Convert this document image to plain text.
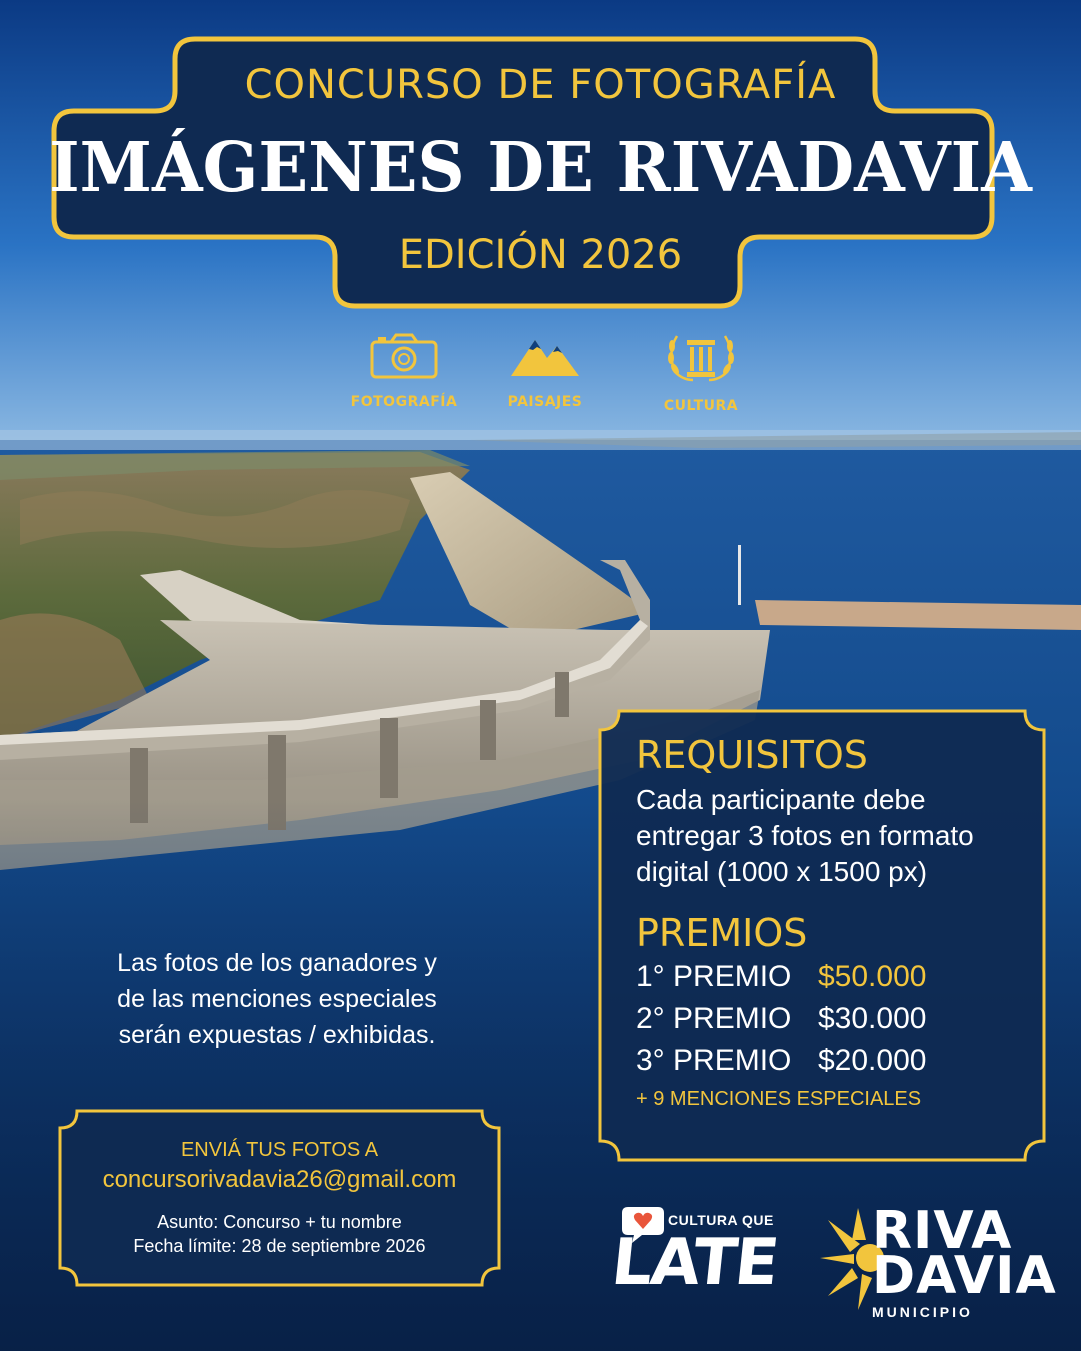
CONCURSO DE FOTOGRAFÍA
IMÁGENES DE RIVADAVIA
EDICIÓN 2026
FOTOGRAFÍA	PAISAJES	CULTURA
REQUISITOS
Cada participante debe
entregar 3 fotos en formato
digital (1000 x 1500 px)
PREMIOS
1° PREMIO $50.000
2° PREMIO $30.000
3° PREMIO $20.000
+ 9 MENCIONES ESPECIALES
Las fotos de los ganadores y
de las menciones especiales
serán expuestas / exhibidas.
ENVIÁ TUS FOTOS A
concursorivadavia26@gmail.com
Asunto: Concurso + tu nombre
Fecha límite: 28 de septiembre 2026
CULTURA QUE
LATE RIVA
DAVIA
MUNICIPIO
